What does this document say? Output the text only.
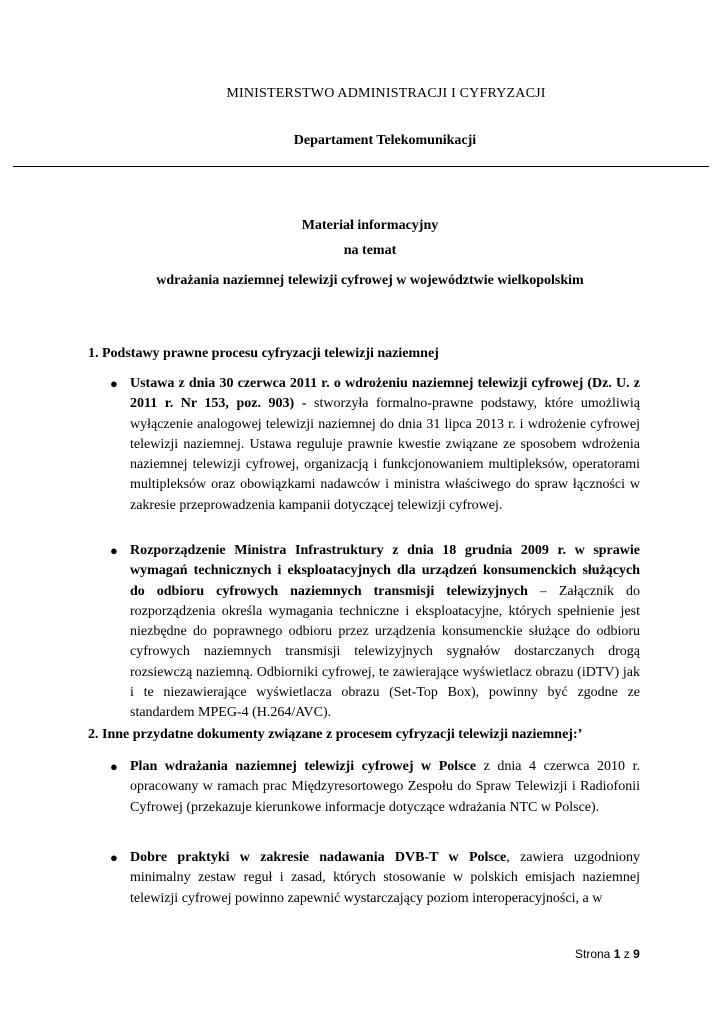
MINISTERSTWO ADMINISTRACJI I CYFRYZACJI
Departament Telekomunikacji
Materiał informacyjny
na temat
wdrażania naziemnej telewizji cyfrowej w województwie wielkopolskim
1. Podstawy prawne procesu cyfryzacji telewizji naziemnej
● Ustawa z dnia 30 czerwca 2011 r. o wdrożeniu naziemnej telewizji cyfrowej (Dz. U. z 2011 r. Nr 153, poz. 903) - stworzyła formalno-prawne podstawy, które umożliwią wyłączenie analogowej telewizji naziemnej do dnia 31 lipca 2013 r. i wdrożenie cyfrowej telewizji naziemnej. Ustawa reguluje prawnie kwestie związane ze sposobem wdrożenia naziemnej telewizji cyfrowej, organizacją i funkcjonowaniem multipleksów, operatorami multipleksów oraz obowiązkami nadawców i ministra właściwego do spraw łączności w zakresie przeprowadzenia kampanii dotyczącej telewizji cyfrowej.
● Rozporządzenie Ministra Infrastruktury z dnia 18 grudnia 2009 r. w sprawie wymagań technicznych i eksploatacyjnych dla urządzeń konsumenckich służących do odbioru cyfrowych naziemnych transmisji telewizyjnych – Załącznik do rozporządzenia określa wymagania techniczne i eksploatacyjne, których spełnienie jest niezbędne do poprawnego odbioru przez urządzenia konsumenckie służące do odbioru cyfrowych naziemnych transmisji telewizyjnych sygnałów dostarczanych drogą rozsiewczą naziemną. Odbiorniki cyfrowej, te zawierające wyświetlacz obrazu (iDTV) jak i te niezawierające wyświetlacza obrazu (Set-Top Box), powinny być zgodne ze standardem MPEG-4 (H.264/AVC).
2. Inne przydatne dokumenty związane z procesem cyfryzacji telewizji naziemnej:’
● Plan wdrażania naziemnej telewizji cyfrowej w Polsce z dnia 4 czerwca 2010 r. opracowany w ramach prac Międzyresortowego Zespołu do Spraw Telewizji i Radiofonii Cyfrowej (przekazuje kierunkowe informacje dotyczące wdrażania NTC w Polsce).
● Dobre praktyki w zakresie nadawania DVB-T w Polsce, zawiera uzgodniony minimalny zestaw reguł i zasad, których stosowanie w polskich emisjach naziemnej telewizji cyfrowej powinno zapewnić wystarczający poziom interoperacyjności, a w
Strona 1 z 9
